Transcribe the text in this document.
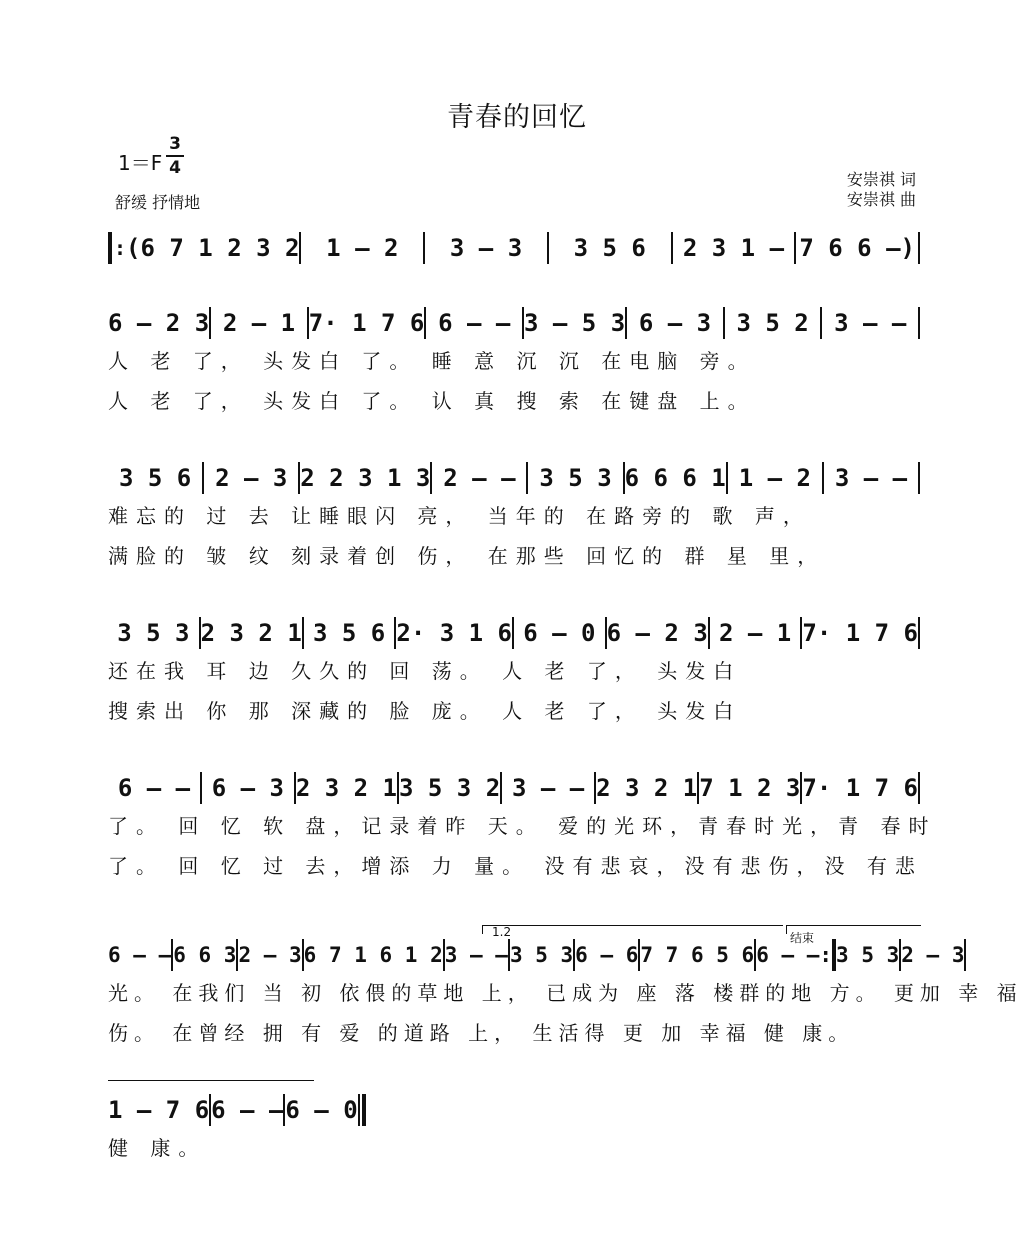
青春的回忆
1＝F
3
4
舒缓 抒情地
安崇祺 词
安崇祺 曲
: (6 7 1 2 3 2	1 – 2	3 – 3	3 5 6	2 3 1 – 7 6 6 –)
6 – 2 3 2 – 1 7· 1 7 6 6 – – 3 – 5 3 6 – 3	3 5 2	3 – –
人 老 了， 头发白 了。 睡 意 沉 沉 在电脑 旁。
人 老 了， 头发白 了。 认 真 搜 索 在键盘 上。
3 5 6 2 – 3 2 2 3 1 3 2 – – 3 5 3 6 6 6 1 1 – 2 3 – –
难忘的 过 去 让睡眼闪 亮， 当年的 在路旁的 歌 声，
满脸的 皱 纹 刻录着创 伤， 在那些 回忆的 群 星 里，
3 5 3 2 3 2 1 3 5 6 2· 3 1 6 6 – 0 6 – 2 3 2 – 1 7· 1 7 6
还在我 耳 边 久久的 回 荡。 人 老 了， 头发白
搜索出 你 那 深藏的 脸 庞。 人 老 了， 头发白
6 – – 6 – 3 2 3 2 1 3 5 3 2 3 – – 2 3 2 1 7 1 2 3 7· 1 7 6
了。 回 忆 软 盘，记录着昨 天。 爱的光环，青春时光，青 春时
了。 回 忆 过 去，增添 力 量。 没有悲哀，没有悲伤，没 有悲
1.2	结束
6 – – 6 6 3 2 – 3 6 7 1 6 1 2 3 – – 3 5 3 6 – 6 7 7 6 5 6 6 – –: 3 5 3 2 – 3
光。 在我们 当 初 依偎的草地 上， 已成为 座 落 楼群的地 方。 更加 幸 福
伤。 在曾经 拥 有 爱 的道路 上， 生活得 更 加 幸福 健 康。
1 – 7 6 6 – – 6 – 0
健 康。
